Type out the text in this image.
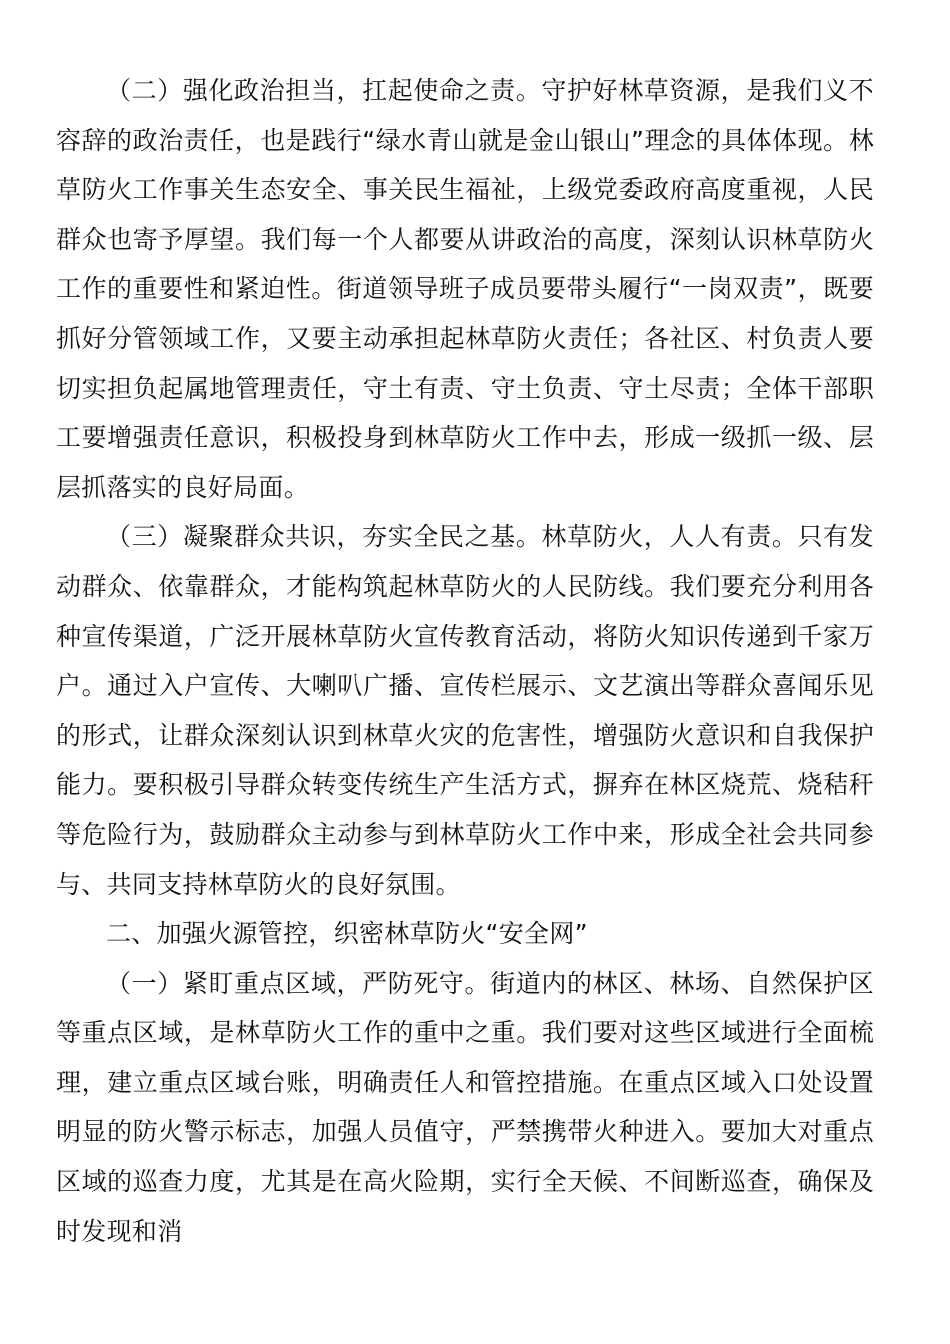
（二）强化政治担当，扛起使命之责。守护好林草资源，是我们义不容辞的政治责任，也是践行“绿水青山就是金山银山”理念的具体体现。林草防火工作事关生态安全、事关民生福祉，上级党委政府高度重视，人民群众也寄予厚望。我们每一个人都要从讲政治的高度，深刻认识林草防火工作的重要性和紧迫性。街道领导班子成员要带头履行“一岗双责”，既要抓好分管领域工作，又要主动承担起林草防火责任；各社区、村负责人要切实担负起属地管理责任，守土有责、守土负责、守土尽责；全体干部职工要增强责任意识，积极投身到林草防火工作中去，形成一级抓一级、层层抓落实的良好局面。

（三）凝聚群众共识，夯实全民之基。林草防火，人人有责。只有发动群众、依靠群众，才能构筑起林草防火的人民防线。我们要充分利用各种宣传渠道，广泛开展林草防火宣传教育活动，将防火知识传递到千家万户。通过入户宣传、大喇叭广播、宣传栏展示、文艺演出等群众喜闻乐见的形式，让群众深刻认识到林草火灾的危害性，增强防火意识和自我保护能力。要积极引导群众转变传统生产生活方式，摒弃在林区烧荒、烧秸秆等危险行为，鼓励群众主动参与到林草防火工作中来，形成全社会共同参与、共同支持林草防火的良好氛围。

二、加强火源管控，织密林草防火“安全网”

（一）紧盯重点区域，严防死守。街道内的林区、林场、自然保护区等重点区域，是林草防火工作的重中之重。我们要对这些区域进行全面梳理，建立重点区域台账，明确责任人和管控措施。在重点区域入口处设置明显的防火警示标志，加强人员值守，严禁携带火种进入。要加大对重点区域的巡查力度，尤其是在高火险期，实行全天候、不间断巡查，确保及时发现和消
